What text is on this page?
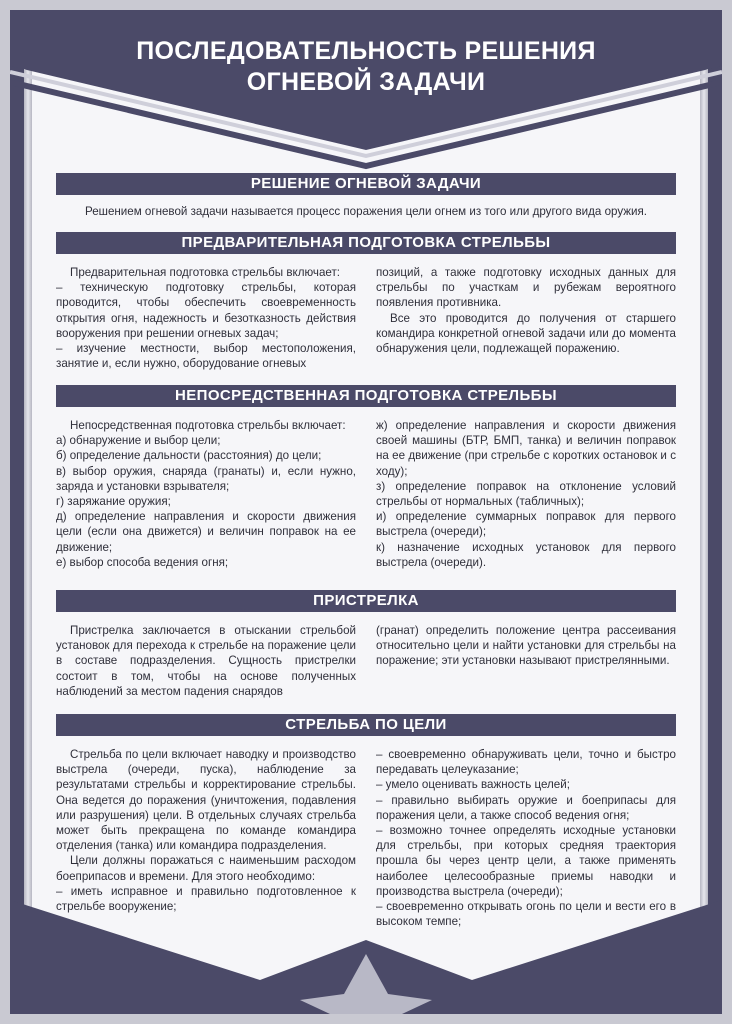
ПОСЛЕДОВАТЕЛЬНОСТЬ РЕШЕНИЯ
ОГНЕВОЙ ЗАДАЧИ
РЕШЕНИЕ ОГНЕВОЙ ЗАДАЧИ

Решением огневой задачи называется процесс поражения цели огнем из того или другого вида оружия.

ПРЕДВАРИТЕЛЬНАЯ ПОДГОТОВКА СТРЕЛЬБЫ

Предварительная подготовка стрельбы включает:

– техническую подготовку стрельбы, которая проводится, чтобы обеспечить своевременность открытия огня, надежность и безотказность действия вооружения при решении огневых задач;

– изучение местности, выбор местоположения, занятие и, если нужно, оборудование огневых

позиций, а также подготовку исходных данных для стрельбы по участкам и рубежам вероятного появления противника.

Все это проводится до получения от старшего командира конкретной огневой задачи или до момента обнаружения цели, подлежащей поражению.

НЕПОСРЕДСТВЕННАЯ ПОДГОТОВКА СТРЕЛЬБЫ

Непосредственная подготовка стрельбы включает:

а) обнаружение и выбор цели;

б) определение дальности (расстояния) до цели;

в) выбор оружия, снаряда (гранаты) и, если нужно, заряда и установки взрывателя;

г) заряжание оружия;

д) определение направления и скорости движения цели (если она движется) и величин поправок на ее движение;

е) выбор способа ведения огня;

ж) определение направления и скорости движения своей машины (БТР, БМП, танка) и величин поправок на ее движение (при стрельбе с коротких остановок и с ходу);

з) определение поправок на отклонение условий стрельбы от нормальных (табличных);

и) определение суммарных поправок для первого выстрела (очереди);

к) назначение исходных установок для первого выстрела (очереди).

ПРИСТРЕЛКА

Пристрелка заключается в отыскании стрельбой установок для перехода к стрельбе на поражение цели в составе подразделения. Сущность пристрелки состоит в том, чтобы на основе полученных наблюдений за местом падения снарядов

(гранат) определить положение центра рассеивания относительно цели и найти установки для стрельбы на поражение; эти установки называют пристрелянными.

СТРЕЛЬБА ПО ЦЕЛИ

Стрельба по цели включает наводку и производство выстрела (очереди, пуска), наблюдение за результатами стрельбы и корректирование стрельбы. Она ведется до поражения (уничтожения, подавления или разрушения) цели. В отдельных случаях стрельба может быть прекращена по команде командира отделения (танка) или командира подразделения.

Цели должны поражаться с наименьшим расходом боеприпасов и времени. Для этого необходимо:

– иметь исправное и правильно подготовленное к стрельбе вооружение;

– своевременно обнаруживать цели, точно и быстро передавать целеуказание;

– умело оценивать важность целей;

– правильно выбирать оружие и боеприпасы для поражения цели, а также способ ведения огня;

– возможно точнее определять исходные установки для стрельбы, при которых средняя траектория прошла бы через центр цели, а также применять наиболее целесообразные приемы наводки и производства выстрела (очереди);

– своевременно открывать огонь по цели и вести его в высоком темпе;
